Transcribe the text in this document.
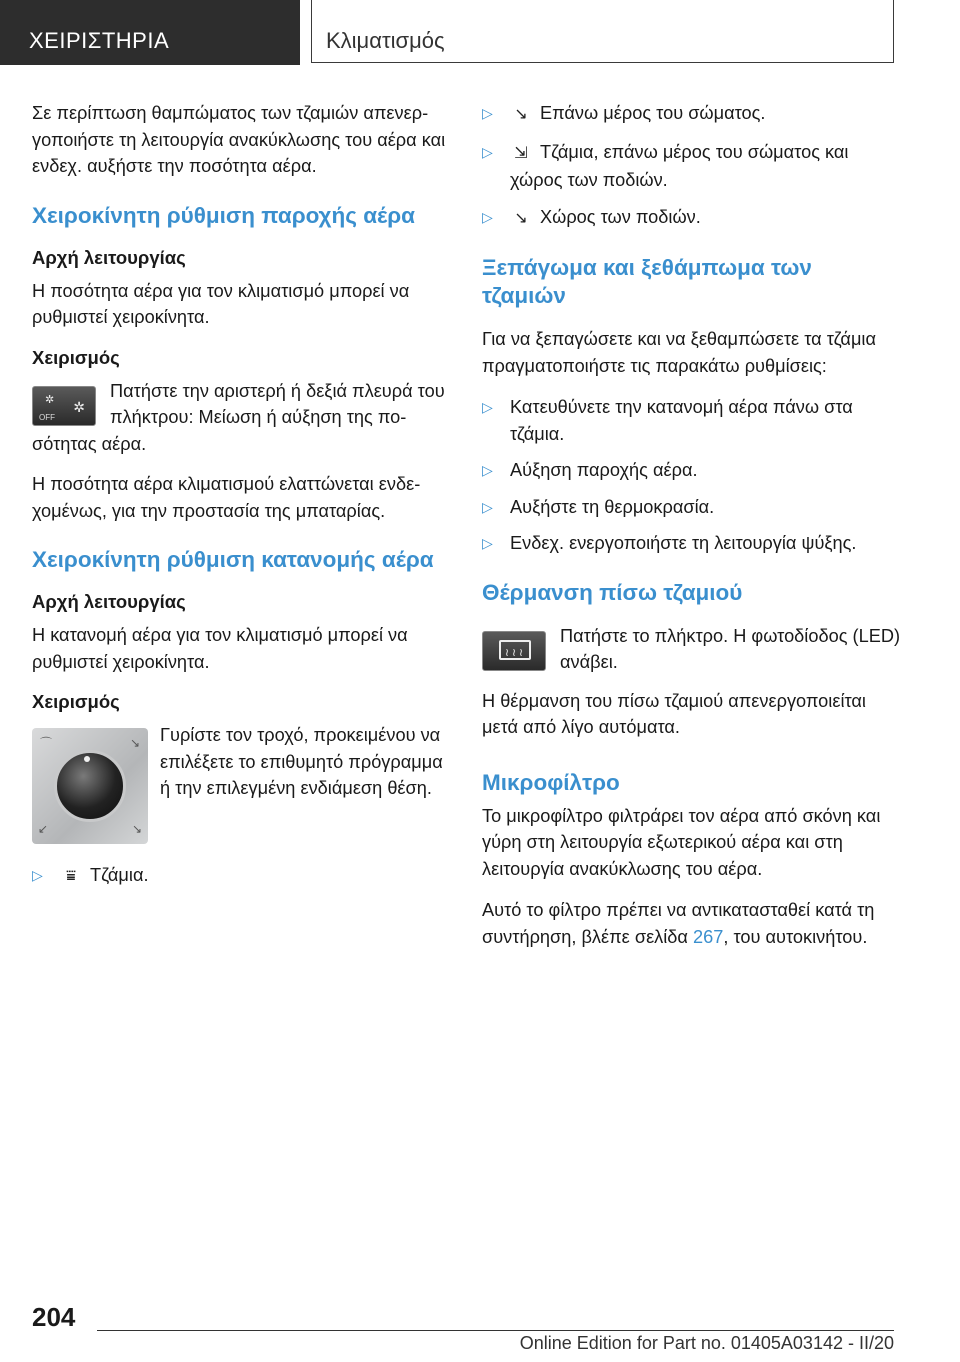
ΧΕΙΡΙΣΤΗΡΙΑ	Κλιματισμός

Σε περίπτωση θαμπώματος των τζαμιών απενεργοποιήστε τη λειτουργία ανακύκλωσης του αέρα και ενδεχ. αυξήστε την ποσότητα αέρα.

Χειροκίνητη ρύθμιση παροχής αέρα
Αρχή λειτουργίας

Η ποσότητα αέρα για τον κλιματισμό μπορεί να ρυθμιστεί χειροκίνητα.

Χειρισμός
✲ ✲
OFF

Πατήστε την αριστερή ή δεξιά πλευρά του πλήκτρου: Μείωση ή αύξηση της ποσότητας αέρα.

Η ποσότητα αέρα κλιματισμού ελαττώνεται ενδεχομένως, για την προστασία της μπαταρίας.

Χειροκίνητη ρύθμιση κατανομής αέρα
Αρχή λειτουργίας

Η κατανομή αέρα για τον κλιματισμό μπορεί να ρυθμιστεί χειροκίνητα.

Χειρισμός
⌒	↘
↘
↙

Γυρίστε τον τροχό, προκειμένου να επιλέξετε το επιθυμητό πρόγραμμα ή την επιλεγμένη ενδιάμεση θέση.

▷ ⩸ Τζάμια.
▷ ↘ Επάνω μέρος του σώματος.
▷ ⇲ Τζάμια, επάνω μέρος του σώματος και χώρος των ποδιών.
▷ ↘ Χώρος των ποδιών.
Ξεπάγωμα και ξεθάμπωμα των τζαμιών

Για να ξεπαγώσετε και να ξεθαμπώσετε τα τζάμια πραγματοποιήστε τις παρακάτω ρυθμίσεις:

▷ Κατευθύνετε την κατανομή αέρα πάνω στα τζάμια.
▷ Αύξηση παροχής αέρα.
▷ Αυξήστε τη θερμοκρασία.
▷ Ενδεχ. ενεργοποιήστε τη λειτουργία ψύξης.
Θέρμανση πίσω τζαμιού
≀ ≀ ≀

Πατήστε το πλήκτρο. Η φωτοδίοδος (LED) ανάβει.

Η θέρμανση του πίσω τζαμιού απενεργοποιείται μετά από λίγο αυτόματα.

Μικροφίλτρο

Το μικροφίλτρο φιλτράρει τον αέρα από σκόνη και γύρη στη λειτουργία εξωτερικού αέρα και στη λειτουργία ανακύκλωσης του αέρα.

Αυτό το φίλτρο πρέπει να αντικατασταθεί κατά τη συντήρηση, βλέπε σελίδα 267, του αυτοκινήτου.

204
Online Edition for Part no. 01405A03142 - II/20
